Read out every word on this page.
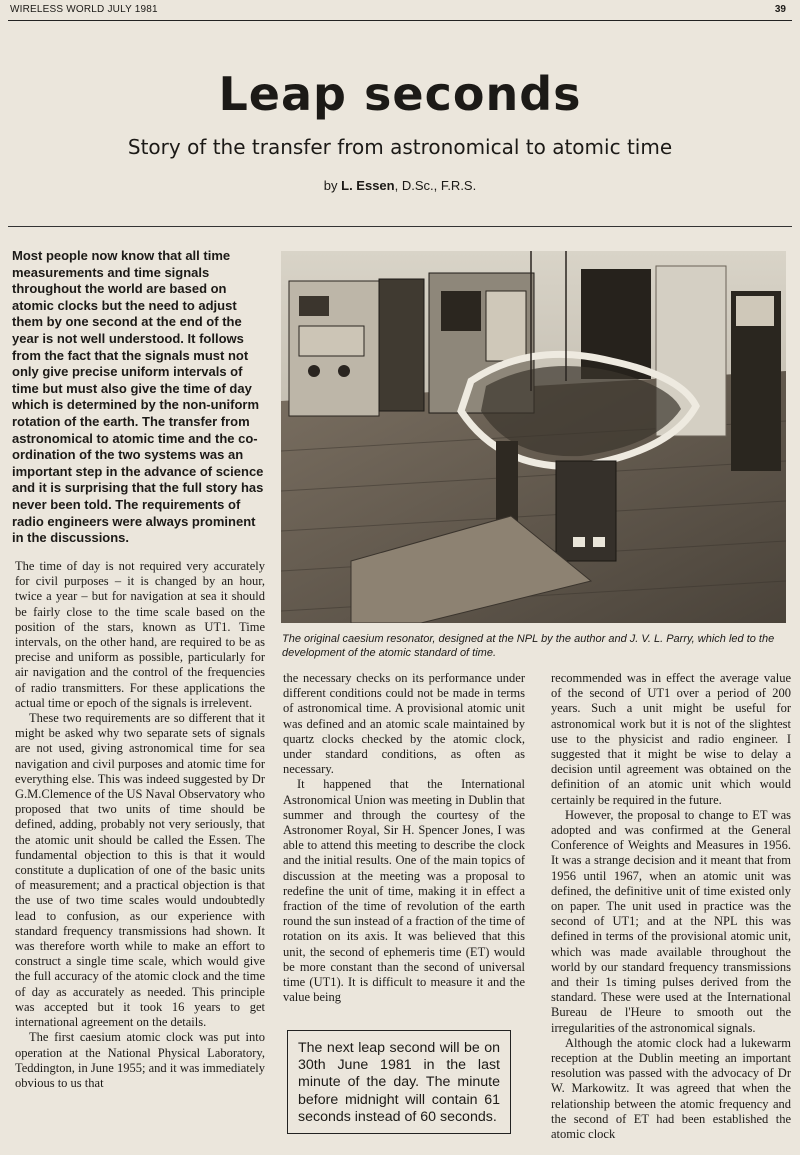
WIRELESS WORLD JULY 1981	39
Leap seconds
Story of the transfer from astronomical to atomic time
by L. Essen, D.Sc., F.R.S.
Most people now know that all time measurements and time signals throughout the world are based on atomic clocks but the need to adjust them by one second at the end of the year is not well understood. It follows from the fact that the signals must not only give precise uniform intervals of time but must also give the time of day which is determined by the non-uniform rotation of the earth. The transfer from astronomical to atomic time and the co-ordination of the two systems was an important step in the advance of science and it is surprising that the full story has never been told. The requirements of radio engineers were always prominent in the discussions.
The original caesium resonator, designed at the NPL by the author and J. V. L. Parry, which led to the development of the atomic standard of time.

The time of day is not required very accurately for civil purposes – it is changed by an hour, twice a year – but for navigation at sea it should be fairly close to the time scale based on the position of the stars, known as UT1. Time intervals, on the other hand, are required to be as precise and uniform as possible, particularly for air navigation and the control of the frequencies of radio transmitters. For these applications the actual time or epoch of the signals is irrelevent.

These two requirements are so different that it might be asked why two separate sets of signals are not used, giving astronomical time for sea navigation and civil purposes and atomic time for everything else. This was indeed suggested by Dr G.M.Clemence of the US Naval Observatory who proposed that two units of time should be defined, adding, probably not very seriously, that the atomic unit should be called the Essen. The fundamental objection to this is that it would constitute a duplication of one of the basic units of measurement; and a practical objection is that the use of two time scales would undoubtedly lead to confusion, as our experience with standard frequency transmissions had shown. It was therefore worth while to make an effort to construct a single time scale, which would give the full accuracy of the atomic clock and the time of day as accurately as needed. This principle was accepted but it took 16 years to get international agreement on the details.

The first caesium atomic clock was put into operation at the National Physical Laboratory, Teddington, in June 1955; and it was immediately obvious to us that

the necessary checks on its performance under different conditions could not be made in terms of astronomical time. A provisional atomic unit was defined and an atomic scale maintained by quartz clocks checked by the atomic clock, under standard conditions, as often as necessary.

It happened that the International Astronomical Union was meeting in Dublin that summer and through the courtesy of the Astronomer Royal, Sir H. Spencer Jones, I was able to attend this meeting to describe the clock and the initial results. One of the main topics of discussion at the meeting was a proposal to redefine the unit of time, making it in effect a fraction of the time of revolution of the earth round the sun instead of a fraction of the time of rotation on its axis. It was believed that this unit, the second of ephemeris time (ET) would be more constant than the second of universal time (UT1). It is difficult to measure it and the value being

The next leap second will be on 30th June 1981 in the last minute of the day. The minute before midnight will contain 61 seconds instead of 60 seconds.

recommended was in effect the average value of the second of UT1 over a period of 200 years. Such a unit might be useful for astronomical work but it is not of the slightest use to the physicist and radio engineer. I suggested that it might be wise to delay a decision until agreement was obtained on the definition of an atomic unit which would certainly be required in the future.

However, the proposal to change to ET was adopted and was confirmed at the General Conference of Weights and Measures in 1956. It was a strange decision and it meant that from 1956 until 1967, when an atomic unit was defined, the definitive unit of time existed only on paper. The unit used in practice was the second of UT1; and at the NPL this was defined in terms of the provisional atomic unit, which was made available throughout the world by our standard frequency transmissions and their 1s timing pulses derived from the standard. These were used at the International Bureau de l'Heure to smooth out the irregularities of the astronomical signals.

Although the atomic clock had a lukewarm reception at the Dublin meeting an important resolution was passed with the advocacy of Dr W. Markowitz. It was agreed that when the relationship between the atomic frequency and the second of ET had been established the atomic clock
